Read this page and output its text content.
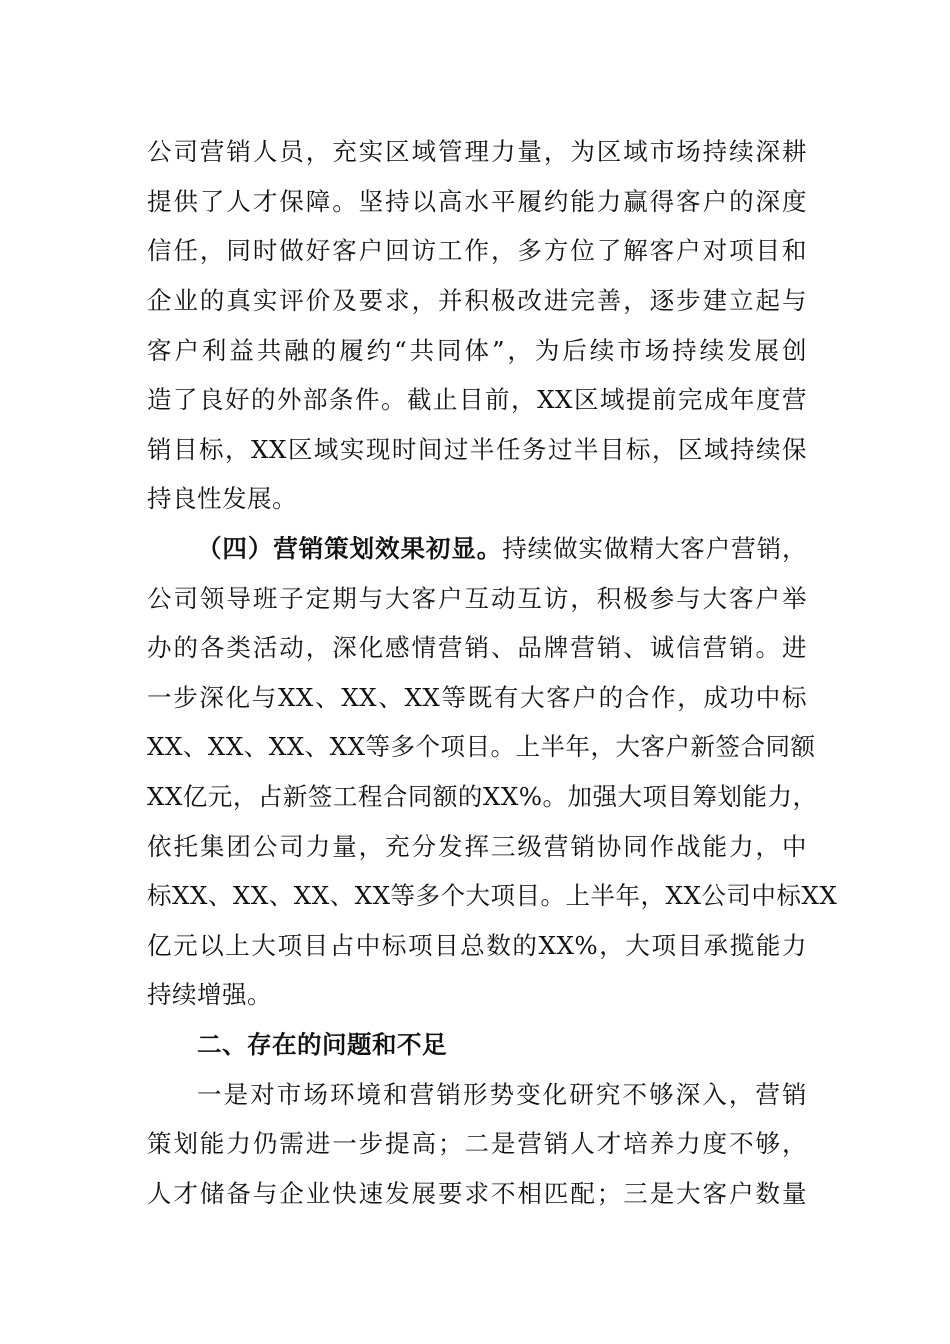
公司营销人员，充实区域管理力量，为区域市场持续深耕
提供了人才保障。坚持以高水平履约能力赢得客户的深度
信任，同时做好客户回访工作，多方位了解客户对项目和
企业的真实评价及要求，并积极改进完善，逐步建立起与
客户利益共融的履约“共同体”，为后续市场持续发展创
造了良好的外部条件。截止目前，XX区域提前完成年度营
销目标，XX区域实现时间过半任务过半目标，区域持续保
持良性发展。
（四）营销策划效果初显。持续做实做精大客户营销，
公司领导班子定期与大客户互动互访，积极参与大客户举
办的各类活动，深化感情营销、品牌营销、诚信营销。进
一步深化与XX、XX、XX等既有大客户的合作，成功中标
XX、XX、XX、XX等多个项目。上半年，大客户新签合同额
XX亿元，占新签工程合同额的XX%。加强大项目筹划能力，
依托集团公司力量，充分发挥三级营销协同作战能力，中
标XX、XX、XX、XX等多个大项目。上半年，XX公司中标XX
亿元以上大项目占中标项目总数的XX%，大项目承揽能力
持续增强。
二、存在的问题和不足
一是对市场环境和营销形势变化研究不够深入，营销
策划能力仍需进一步提高；二是营销人才培养力度不够，
人才储备与企业快速发展要求不相匹配；三是大客户数量
